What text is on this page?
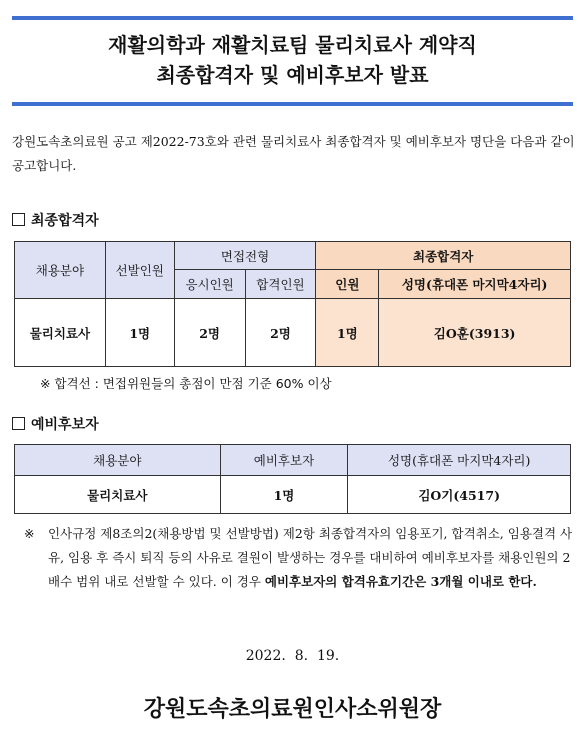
재활의학과 재활치료팀 물리치료사 계약직
최종합격자 및 예비후보자 발표
강원도속초의료원 공고 제2022-73호와 관련 물리치료사 최종합격자 및 예비후보자 명단을 다음과 같이 공고합니다.
최종합격자
채용분야	선발인원	면접전형		최종합격자	
		응시인원	합격인원	인원	성명(휴대폰 마지막4자리)
물리치료사	1명	2명	2명	1명	김O훈(3913)
※ 합격선 : 면접위원들의 총점이 만점 기준 60% 이상
예비후보자
채용분야	예비후보자	성명(휴대폰 마지막4자리)
물리치료사	1명	김O기(4517)
※ 인사규정 제8조의2(채용방법 및 선발방법) 제2항 최종합격자의 임용포기, 합격취소, 임용결격 사유, 임용 후 즉시 퇴직 등의 사유로 결원이 발생하는 경우를 대비하여 예비후보자를 채용인원의 2배수 범위 내로 선발할 수 있다. 이 경우 예비후보자의 합격유효기간은 3개월 이내로 한다.
2022.  8.  19.
강원도속초의료원인사소위원장
